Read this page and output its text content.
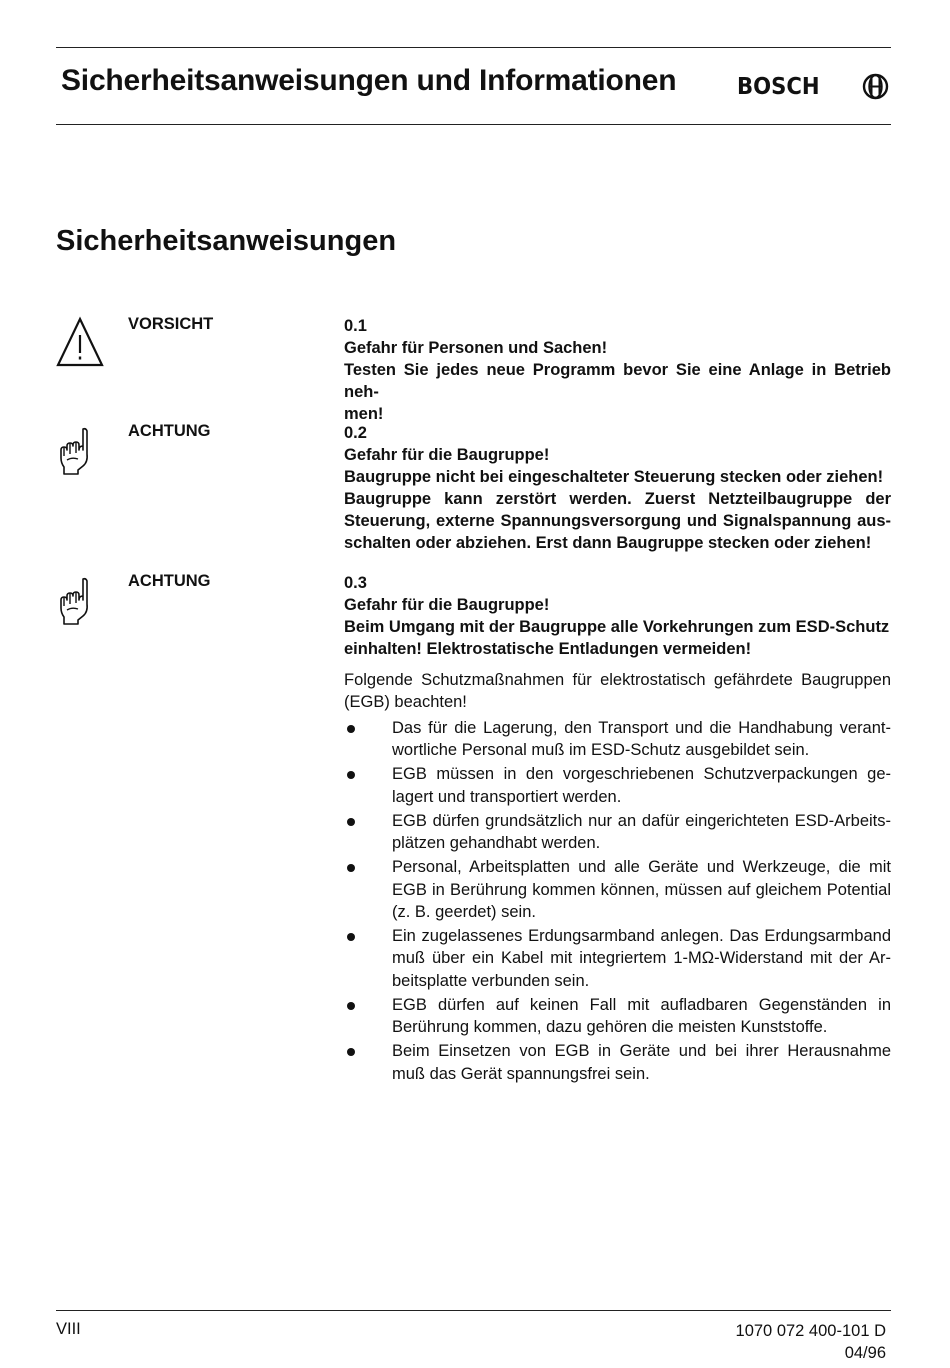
Sicherheitsanweisungen und Informationen	BOSCH
Sicherheitsanweisungen
VORSICHT	0.1
Gefahr für Personen und Sachen!
Testen Sie jedes neue Programm bevor Sie eine Anlage in Betrieb neh-
men!
ACHTUNG	0.2
Gefahr für die Baugruppe!
Baugruppe nicht bei eingeschalteter Steuerung stecken oder ziehen!
Baugruppe kann zerstört werden. Zuerst Netzteilbaugruppe der
Steuerung, externe Spannungsversorgung und Signalspannung aus-
schalten oder abziehen. Erst dann Baugruppe stecken oder ziehen!
ACHTUNG	0.3
Gefahr für die Baugruppe!
Beim Umgang mit der Baugruppe alle Vorkehrungen zum ESD-Schutz
einhalten! Elektrostatische Entladungen vermeiden!
Folgende Schutzmaßnahmen für elektrostatisch gefährdete Baugruppen (EGB) beachten!
Das für die Lagerung, den Transport und die Handhabung verantwortliche Personal muß im ESD-Schutz ausgebildet sein.
EGB müssen in den vorgeschriebenen Schutzverpackungen gelagert und transportiert werden.
EGB dürfen grundsätzlich nur an dafür eingerichteten ESD-Arbeitsplätzen gehandhabt werden.
Personal, Arbeitsplatten und alle Geräte und Werkzeuge, die mit EGB in Berührung kommen können, müssen auf gleichem Potential (z. B. geerdet) sein.
Ein zugelassenes Erdungsarmband anlegen. Das Erdungsarmband muß über ein Kabel mit integriertem 1-MΩ-Widerstand mit der Arbeitsplatte verbunden sein.
EGB dürfen auf keinen Fall mit aufladbaren Gegenständen in Berührung kommen, dazu gehören die meisten Kunststoffe.
Beim Einsetzen von EGB in Geräte und bei ihrer Herausnahme muß das Gerät spannungsfrei sein.
VIII	1070 072 400-101 D
04/96
